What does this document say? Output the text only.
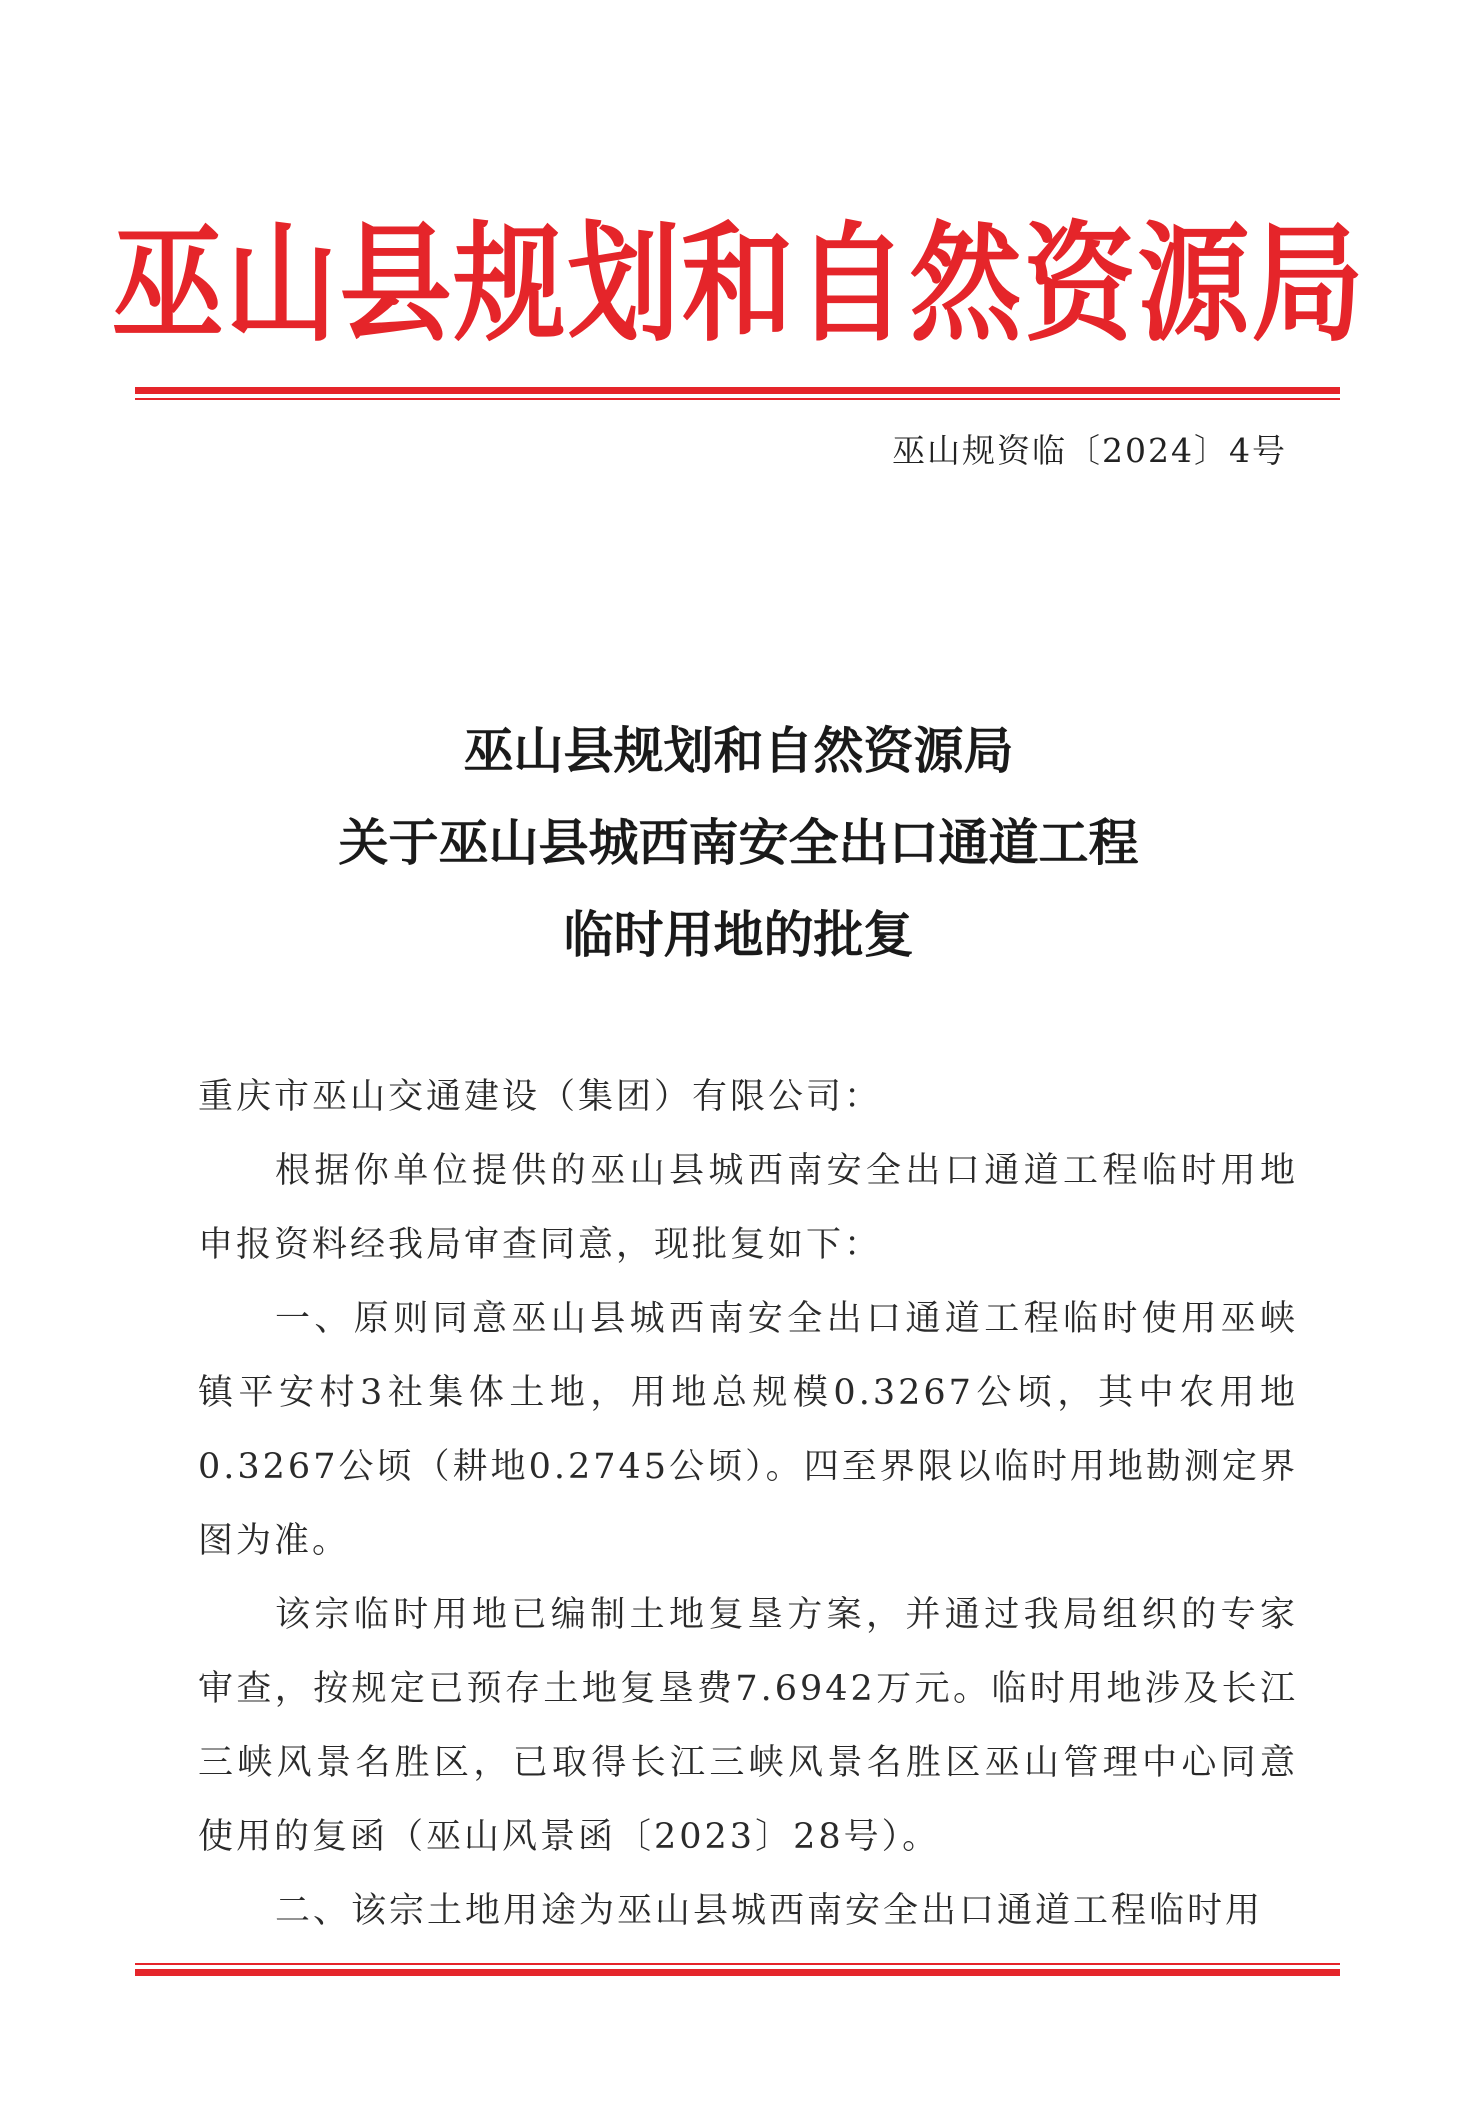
巫山县规划和自然资源局
巫山规资临〔2024〕4号
巫山县规划和自然资源局
关于巫山县城西南安全出口通道工程
临时用地的批复

重庆市巫山交通建设（集团）有限公司：

根据你单位提供的巫山县城西南安全出口通道工程临时用地申报资料经我局审查同意，现批复如下：

一、原则同意巫山县城西南安全出口通道工程临时使用巫峡镇平安村3社集体土地，用地总规模0.3267公顷，其中农用地0.3267公顷（耕地0.2745公顷）。四至界限以临时用地勘测定界图为准。

该宗临时用地已编制土地复垦方案，并通过我局组织的专家审查，按规定已预存土地复垦费7.6942万元。临时用地涉及长江三峡风景名胜区，已取得长江三峡风景名胜区巫山管理中心同意使用的复函（巫山风景函〔2023〕28号）。

二、该宗土地用途为巫山县城西南安全出口通道工程临时用
